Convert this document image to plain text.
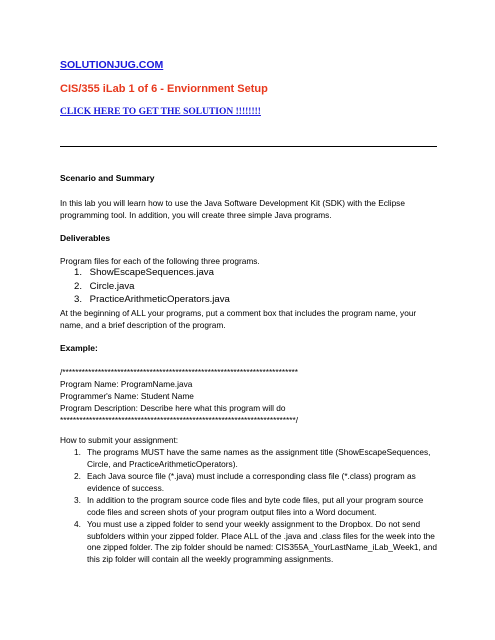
SOLUTIONJUG.COM
CIS/355 iLab 1 of 6 - Enviornment Setup
CLICK HERE TO GET THE SOLUTION !!!!!!!!
Scenario and Summary
In this lab you will learn how to use the Java Software Development Kit (SDK) with the Eclipse programming tool. In addition, you will create three simple Java programs.
Deliverables
Program files for each of the following three programs.
1. ShowEscapeSequences.java
2. Circle.java
3. PracticeArithmeticOperators.java
At the beginning of ALL your programs, put a comment box that includes the program name, your name, and a brief description of the program.
Example:
/*************************************************************************
Program Name: ProgramName.java
Programmer's Name: Student Name
Program Description: Describe here what this program will do
*************************************************************************/
How to submit your assignment:
1. The programs MUST have the same names as the assignment title (ShowEscapeSequences, Circle, and PracticeArithmeticOperators).
2. Each Java source file (*.java) must include a corresponding class file (*.class) program as evidence of success.
3. In addition to the program source code files and byte code files, put all your program source code files and screen shots of your program output files into a Word document.
4. You must use a zipped folder to send your weekly assignment to the Dropbox. Do not send subfolders within your zipped folder. Place ALL of the .java and .class files for the week into the one zipped folder. The zip folder should be named: CIS355A_YourLastName_iLab_Week1, and this zip folder will contain all the weekly programming assignments.
